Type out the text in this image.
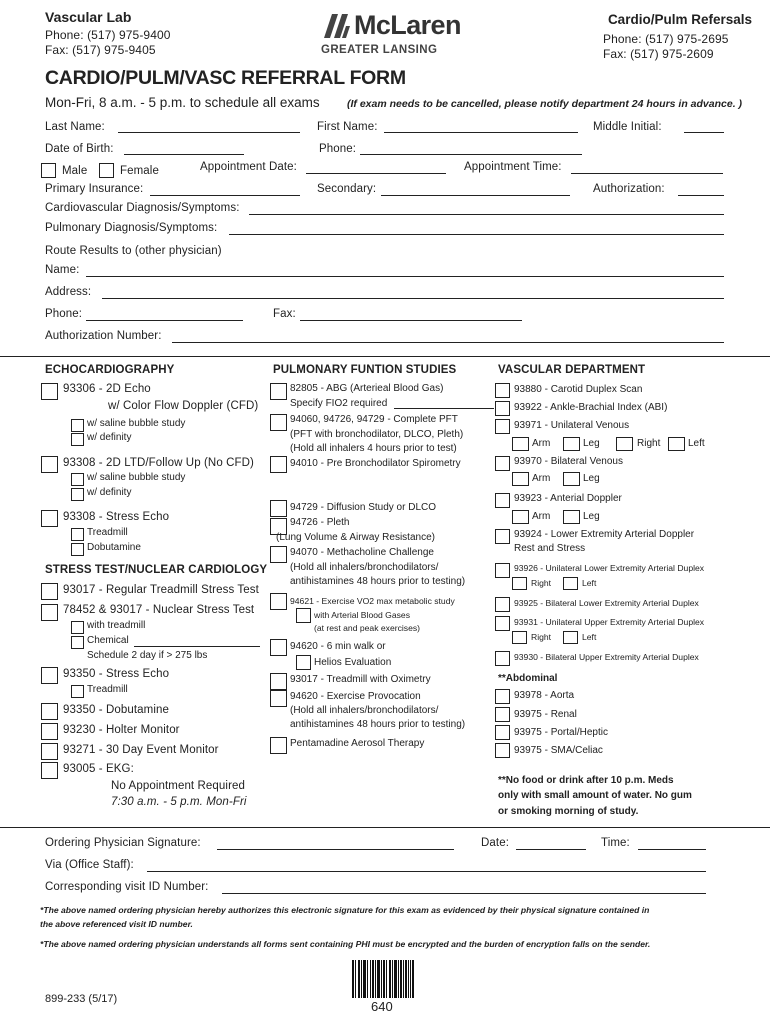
Vascular Lab
Phone: (517) 975-9400
Fax: (517) 975-9405
McLaren
GREATER LANSING
Cardio/Pulm Refersals
Phone: (517) 975-2695
Fax: (517) 975-2609
CARDIO/PULM/VASC REFERRAL FORM
Mon-Fri, 8 a.m. - 5 p.m. to schedule all exams	(If exam needs to be cancelled, please notify department 24 hours in advance. )
Last Name:	First Name:	Middle Initial:
Date of Birth:	Phone:
Male	Female	Appointment Date:	Appointment Time:
Primary Insurance:	Secondary:	Authorization:
Cardiovascular Diagnosis/Symptoms:
Pulmonary Diagnosis/Symptoms:
Route Results to (other physician)
Name:
Address:
Phone:	Fax:
Authorization Number:
ECHOCARDIOGRAPHY
93306 - 2D Echo
w/ Color Flow Doppler (CFD)
w/ saline bubble study
w/ definity
93308 - 2D LTD/Follow Up (No CFD)
w/ saline bubble study
w/ definity
93308 - Stress Echo
Treadmill
Dobutamine
STRESS TEST/NUCLEAR CARDIOLOGY
93017 - Regular Treadmill Stress Test
78452 & 93017 - Nuclear Stress Test
with treadmill
Chemical
Schedule 2 day if > 275 lbs
93350 - Stress Echo
Treadmill
93350 - Dobutamine
93230 - Holter Monitor
93271 - 30 Day Event Monitor
93005 - EKG:
No Appointment Required
7:30 a.m. - 5 p.m. Mon-Fri
PULMONARY FUNTION STUDIES
82805 - ABG (Arterieal Blood Gas)
Specify FIO2 required
94060, 94726, 94729 - Complete PFT
(PFT with bronchodilator, DLCO, Pleth)
(Hold all inhalers 4 hours prior to test)
94010 - Pre Bronchodilator Spirometry
94729 - Diffusion Study or DLCO
94726 - Pleth
(Lung Volume & Airway Resistance)
94070 - Methacholine Challenge
(Hold all inhalers/bronchodilators/
antihistamines 48 hours prior to testing)
94621 - Exercise VO2 max metabolic study
with Arterial Blood Gases
(at rest and peak exercises)
94620 - 6 min walk or
Helios Evaluation
93017 - Treadmill with Oximetry
94620 - Exercise Provocation
(Hold all inhalers/bronchodilators/
antihistamines 48 hours prior to testing)
Pentamadine Aerosol Therapy
VASCULAR DEPARTMENT
93880 - Carotid Duplex Scan
93922 - Ankle-Brachial Index (ABI)
93971 - Unilateral Venous
Arm	Leg	Right	Left
93970 - Bilateral Venous
Arm	Leg
93923 - Anterial Doppler
Arm	Leg
93924 - Lower Extremity Arterial Doppler
Rest and Stress
93926 - Unilateral Lower Extremity Arterial Duplex
Right	Left
93925 - Bilateral Lower Extremity Arterial Duplex
93931 - Unilateral Upper Extremity Arterial Duplex
Right	Left
93930 - Bilateral Upper Extremity Arterial Duplex
**Abdominal
93978 - Aorta
93975 - Renal
93975 - Portal/Heptic
93975 - SMA/Celiac
**No food or drink after 10 p.m. Meds
only with small amount of water. No gum
or smoking morning of study.
Ordering Physician Signature:	Date:	Time:
Via (Office Staff):
Corresponding visit ID Number:
*The above named ordering physician hereby authorizes this electronic signature for this exam as evidenced by their physical signature contained in
the above referenced visit ID number.
*The above named ordering physician understands all forms sent containing PHI must be encrypted and the burden of encryption falls on the sender.
899-233 (5/17)	640
